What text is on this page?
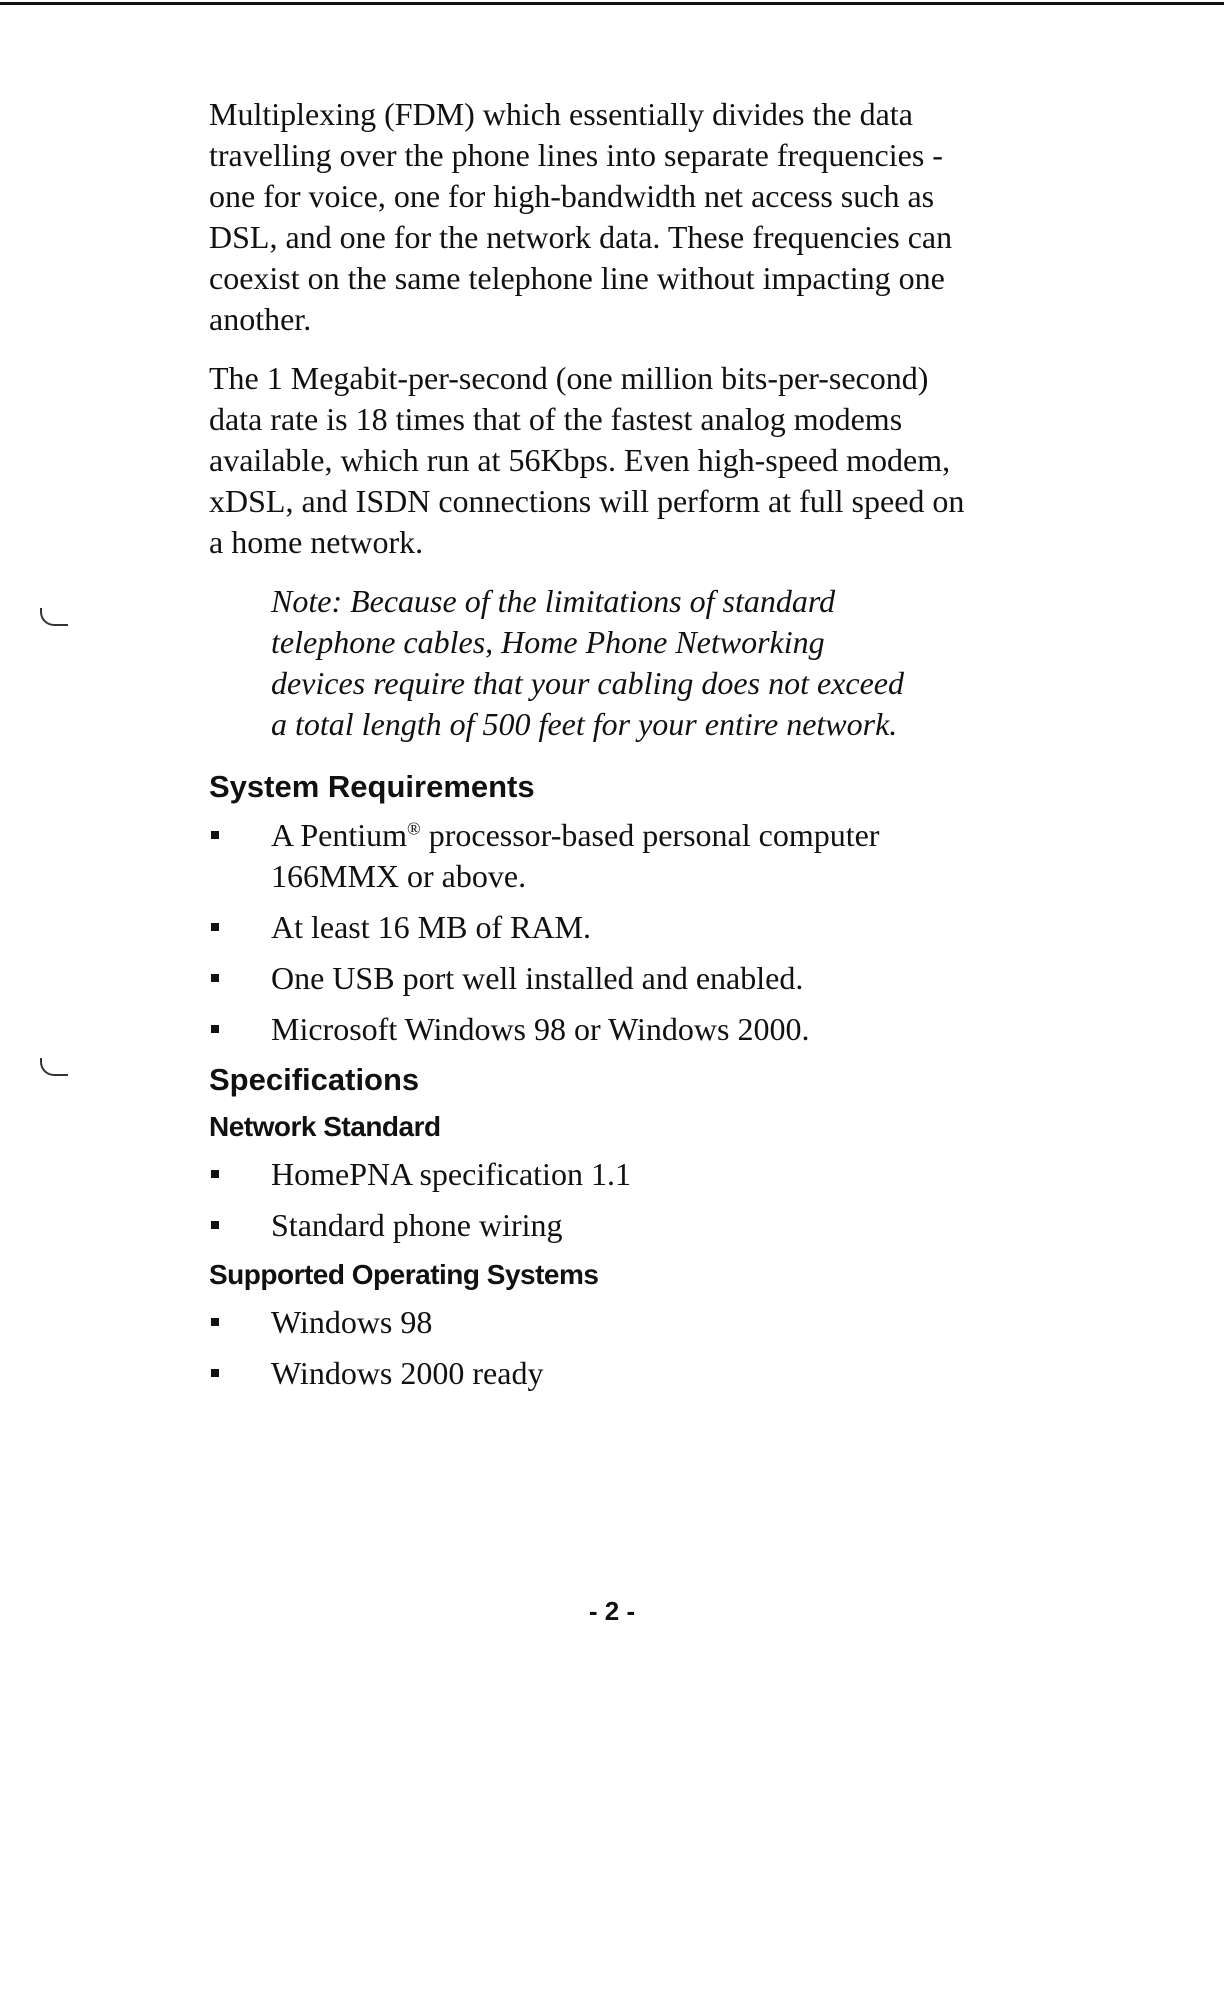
Multiplexing (FDM) which essentially divides the data travelling over the phone lines into separate frequencies - one for voice, one for high-bandwidth net access such as DSL, and one for the network data. These frequencies can coexist on the same telephone line without impacting one another.

The 1 Megabit-per-second (one million bits-per-second) data rate is 18 times that of the fastest analog modems available, which run at 56Kbps. Even high-speed modem, xDSL, and ISDN connections will perform at full speed on a home network.

Note: Because of the limitations of standard telephone cables, Home Phone Networking devices require that your cabling does not exceed a total length of 500 feet for your entire network.

System Requirements
A Pentium® processor-based personal computer 166MMX or above.
At least 16 MB of RAM.
One USB port well installed and enabled.
Microsoft Windows 98 or Windows 2000.
Specifications
Network Standard
HomePNA specification 1.1
Standard phone wiring
Supported Operating Systems
Windows 98
Windows 2000 ready
- 2 -
